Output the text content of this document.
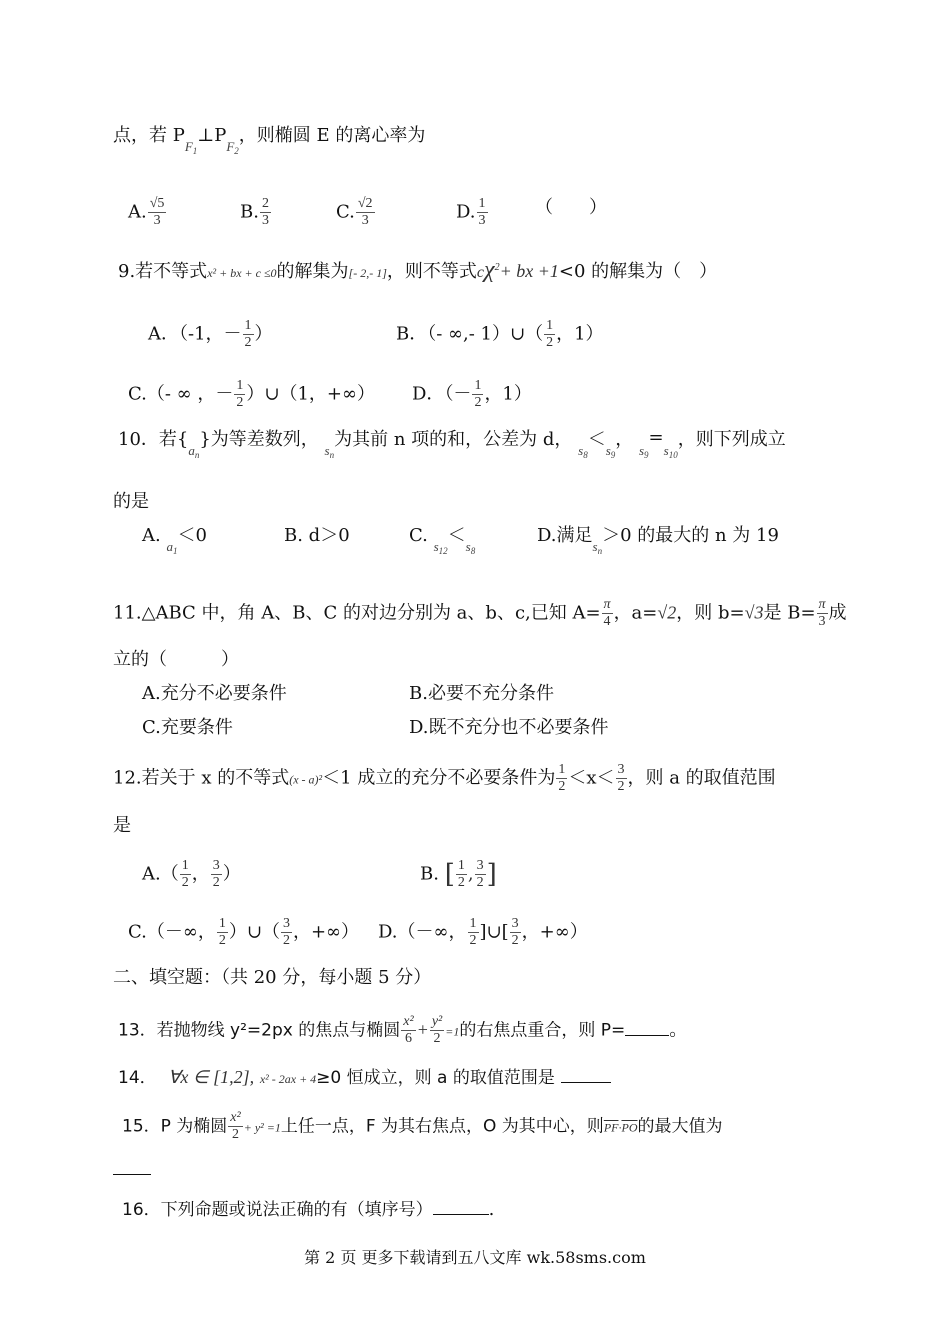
点，若 $P_{F_1}\perp P_{F_2}$，则椭圆 E 的离心率为
A. $\frac{√5}{3}$	B. $\frac{2}{3}$	C. $\frac{√2}{3}$	D. $\frac{1}{3}$	（　　）
9.若不等式x² + bx + c ≤0的解集为[- 2,- 1]，则不等式$c\chi^2+$ bx +1<0 的解集为（　）
A．（-1，－ $\frac{1}{2}$ ）	B．（- ∞,- 1）∪（ $\frac{1}{2}$ ，1）
C.（- ∞ ，－ $\frac{1}{2}$ ）∪（1，+∞） D．（－ $\frac{1}{2}$ ，1）
10．若$\{_{a_n}\}$为等差数列， $_{s_n}$为其前 n 项的和，公差为 d， $_{s_8}<_{s_9}$， $_{s_9}=_{s_{10}}$，则下列成立
的是
A. $_{a_1}$＜0	B. d＞0	C. $_{s_{12}}<_{s_8}$
D.满足$_{s_n}$＞0 的最大的 n 为 19
11.△ABC 中，角 A、B、C 的对边分别为 a、b、c,已知 $A= \frac{\pi}{4}$ ，a=√2，则 b=√3是 $B= \frac{\pi}{3}$ 成
立的（　　　）
A.充分不必要条件	B.必要不充分条件
C.充要条件	D.既不充分也不必要条件
12.若关于 x 的不等式(x - a)²＜1 成立的充分不必要条件为 $\frac{1}{2} <x< \frac{3}{2}$ ，则 a 的取值范围
是
$A.( \frac{1}{2}$ ， $\frac{3}{2}$ ）	B. [ $\frac{1}{2}$ , $\frac{3}{2}$ ]
C.（－∞， $\frac{1}{2}$ ）∪（ $\frac{3}{2}$ ，+∞） D.（－∞， $\frac{1}{2}$ ]∪[ $\frac{3}{2}$ ，+∞）
二、填空题：（共 20 分，每小题 5 分）
13．若抛物线 y²=2px 的焦点与椭圆 $\frac{\text{x²}}{6} + \frac{\text{y²}}{2} =1$的右焦点重合，则 P= 。
14． ∀x ∈ [1,2], x² - 2ax + 4≥0 恒成立，则 a 的取值范围是
15．P 为椭圆 $\frac{\text{x²}}{2} + y^2 =1$上任一点，F 为其右焦点，O 为其中心，则$\overline{PF}\cdot\overline{PO}$的最大值为
16．下列命题或说法正确的有（填序号）	.
第 2 页 更多下载请到五八文库 wk.58sms.com
